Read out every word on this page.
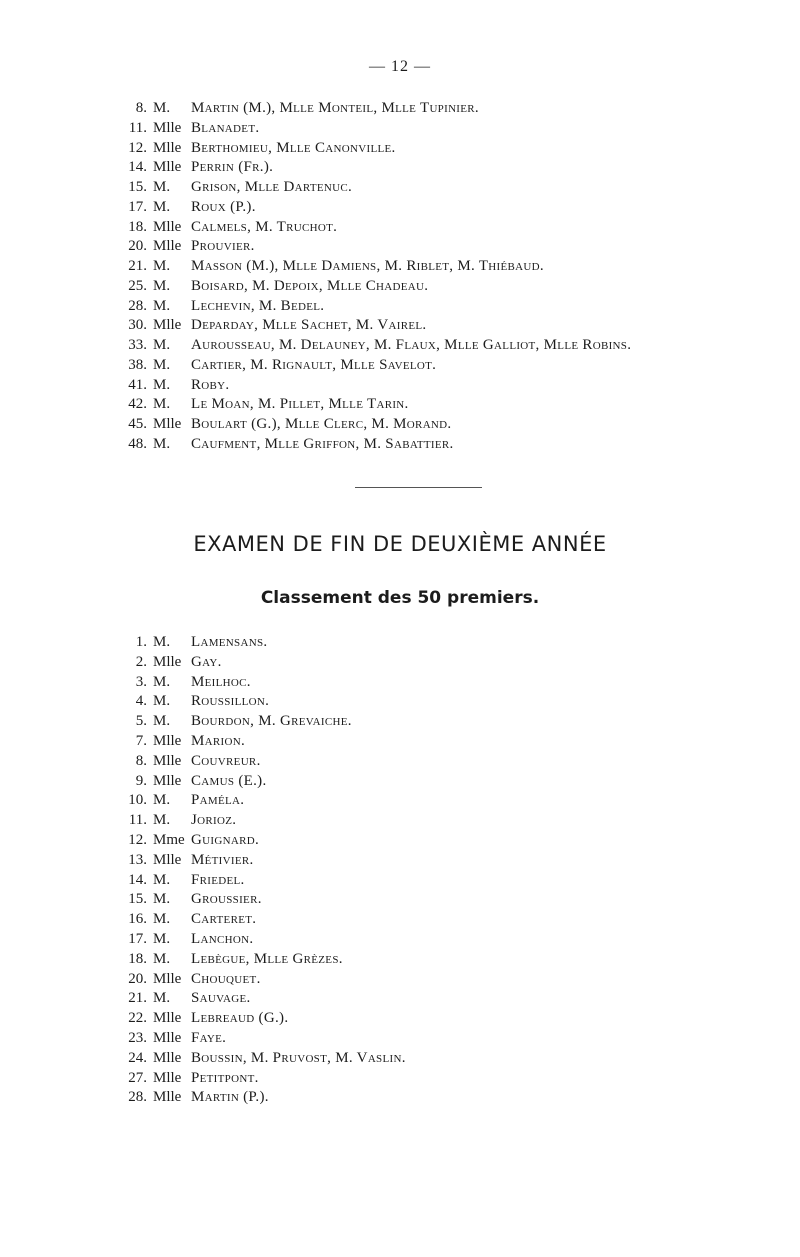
— 12 —
8. M.	Martin (M.), Mlle Monteil, Mlle Tupinier.
11. Mlle Blanadet.
12. Mlle Berthomieu, Mlle Canonville.
14. Mlle Perrin (Fr.).
15. M.	Grison, Mlle Dartenuc.
17. M.	Roux (P.).
18. Mlle Calmels, M. Truchot.
20. Mlle Prouvier.
21. M.	Masson (M.), Mlle Damiens, M. Riblet, M. Thiébaud.
25. M.	Boisard, M. Depoix, Mlle Chadeau.
28. M.	Lechevin, M. Bedel.
30. Mlle Deparday, Mlle Sachet, M. Vairel.
33. M.	Aurousseau, M. Delauney, M. Flaux, Mlle Galliot, Mlle Robins.
38. M.	Cartier, M. Rignault, Mlle Savelot.
41. M.	Roby.
42. M.	Le Moan, M. Pillet, Mlle Tarin.
45. Mlle Boulart (G.), Mlle Clerc, M. Morand.
48. M.	Caufment, Mlle Griffon, M. Sabattier.
EXAMEN DE FIN DE DEUXIÈME ANNÉE
Classement des 50 premiers.
1. M.	Lamensans.
2. Mlle Gay.
3. M.	Meilhoc.
4. M.	Roussillon.
5. M.	Bourdon, M. Grevaiche.
7. Mlle Marion.
8. Mlle Couvreur.
9. Mlle Camus (E.).
10. M.	Paméla.
11. M.	Jorioz.
12. Mme Guignard.
13. Mlle Métivier.
14. M.	Friedel.
15. M.	Groussier.
16. M.	Carteret.
17. M.	Lanchon.
18. M.	Lebègue, Mlle Grèzes.
20. Mlle Chouquet.
21. M.	Sauvage.
22. Mlle Lebreaud (G.).
23. Mlle Faye.
24. Mlle Boussin, M. Pruvost, M. Vaslin.
27. Mlle Petitpont.
28. Mlle Martin (P.).
